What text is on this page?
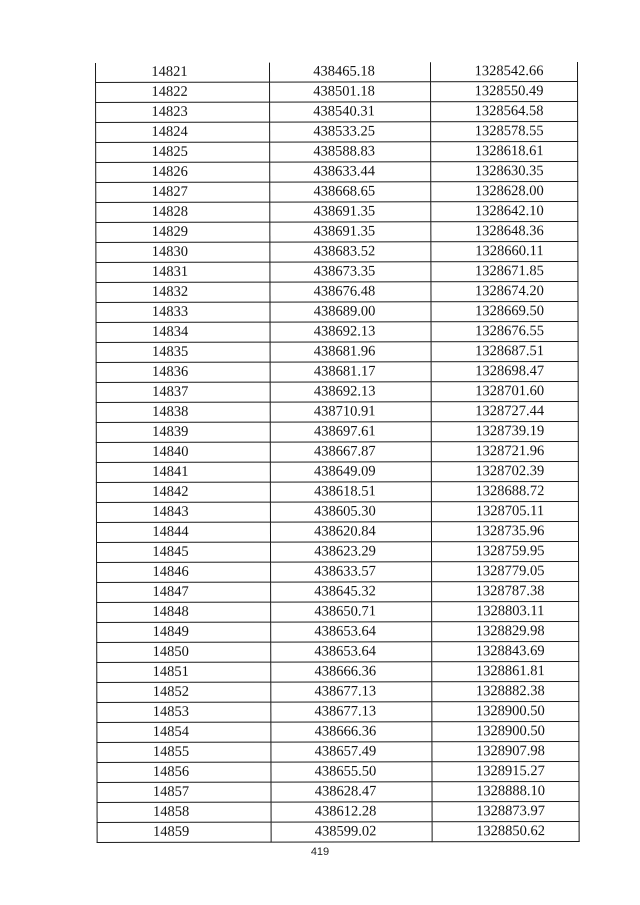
14821	438465.18	1328542.66
14822	438501.18	1328550.49
14823	438540.31	1328564.58
14824	438533.25	1328578.55
14825	438588.83	1328618.61
14826	438633.44	1328630.35
14827	438668.65	1328628.00
14828	438691.35	1328642.10
14829	438691.35	1328648.36
14830	438683.52	1328660.11
14831	438673.35	1328671.85
14832	438676.48	1328674.20
14833	438689.00	1328669.50
14834	438692.13	1328676.55
14835	438681.96	1328687.51
14836	438681.17	1328698.47
14837	438692.13	1328701.60
14838	438710.91	1328727.44
14839	438697.61	1328739.19
14840	438667.87	1328721.96
14841	438649.09	1328702.39
14842	438618.51	1328688.72
14843	438605.30	1328705.11
14844	438620.84	1328735.96
14845	438623.29	1328759.95
14846	438633.57	1328779.05
14847	438645.32	1328787.38
14848	438650.71	1328803.11
14849	438653.64	1328829.98
14850	438653.64	1328843.69
14851	438666.36	1328861.81
14852	438677.13	1328882.38
14853	438677.13	1328900.50
14854	438666.36	1328900.50
14855	438657.49	1328907.98
14856	438655.50	1328915.27
14857	438628.47	1328888.10
14858	438612.28	1328873.97
14859	438599.02	1328850.62
419
